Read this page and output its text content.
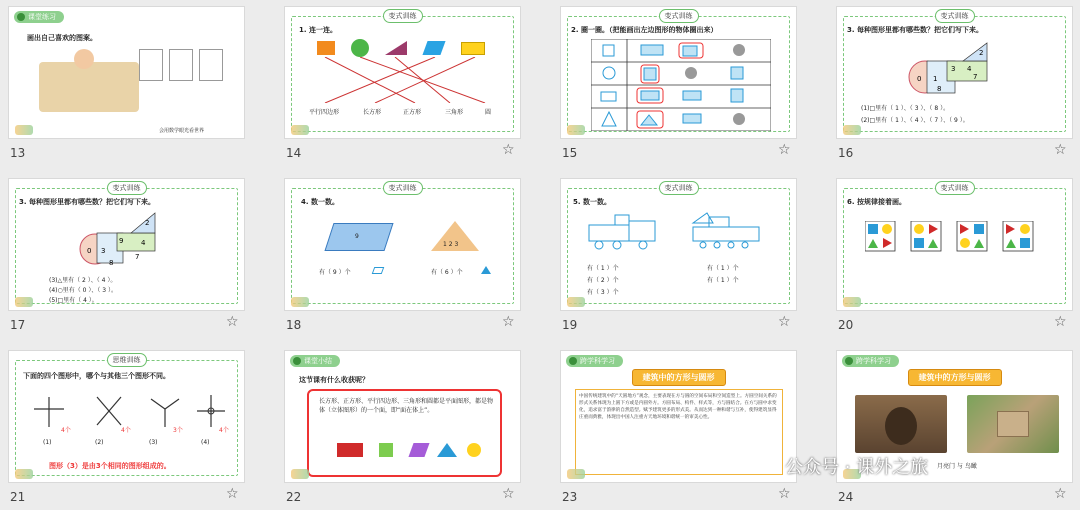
课堂练习
画出自己喜欢的图案。
会用数学眼光看世界
13
变式训练
1. 连一连。
平行四边形	长方形	正方形	三角形	圆
14	☆
变式训练
2. 圈一圈。（把能画出左边图形的物体圈出来）
15	☆
变式训练
3. 每种图形里都有哪些数？把它们写下来。
0 1
3 4
2
7
8
(1)□里有（ 1 ）、（ 3 ）、（ 8 ）。
(2)□里有（ 1 ）、（ 4 ）、（ 7 ）、（ 9 ）。
16	☆
变式训练
3. 每种图形里都有哪些数？把它们写下来。
0 3
9
2
4
7
8
(3)△里有（ 2 ）、（ 4 ）。
(4)○里有（ 0 ）、（ 3 ）。
(5)□里有（ 4 ）。
17	☆
变式训练
4. 数一数。
9
1 2 3
有（ 9 ）个	有（ 6 ）个
18	☆
变式训练
5. 数一数。
有（ 1 ）个
有（ 2 ）个
有（ 3 ）个
有（ 1 ）个
有（ 1 ）个
19	☆
变式训练
6. 按规律接着画。
20	☆
思维训练
下面的四个图形中，哪个与其他三个图形不同。
4个	4个	3个	4个
(1)	(2)	(3)	(4)
图形（3）是由3个相同的图形组成的。
21	☆
课堂小结
这节课有什么收获呢？
长方形、正方形、平行四边形、三角形和圆都是平面图形，都是物体（立体图形）的一个面，即“面在体上”。
22	☆
跨学科学习
建筑中的方形与圆形
中国传统建筑中的“天圆地方”观念，主要表现在方与圆的空间布局和空间造型上。方圆空间关系的形式关系体现为上圆下方或是内圆外方。方圆布局、构件、样式等，方与圆结合。在方与圆中求变化，追求富于韵律的自然造型。赋予建筑更多的形式美。从而达到一种和谐与互补，使得建筑显得庄重而典雅，体现出中国人注重方天地环境和谐统一的审美心性。
23	☆
跨学科学习
建筑中的方形与圆形
月亮门 与 鸟瞰
24	☆
公众号 · 课外之旅
